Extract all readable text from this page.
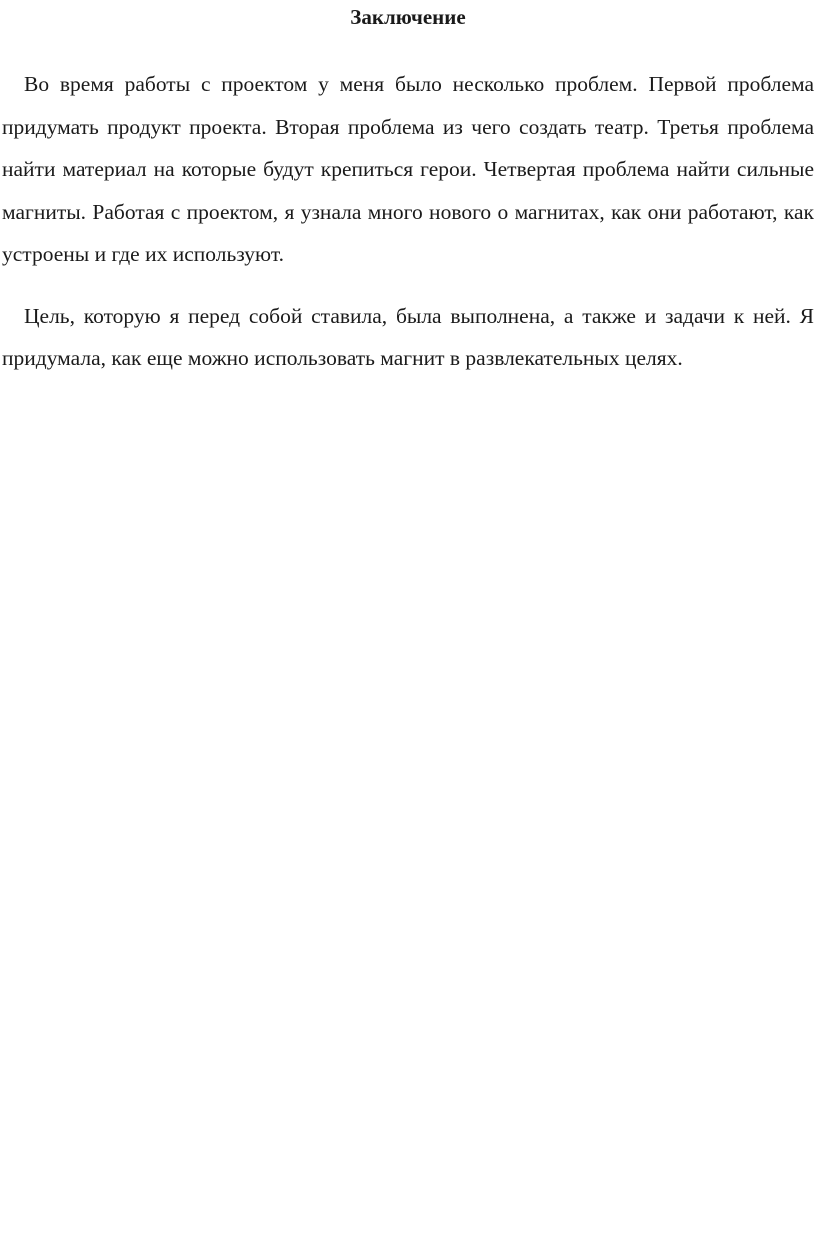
Заключение

Во время работы с проектом у меня было несколько проблем. Первой проблема придумать продукт проекта. Вторая проблема из чего создать театр. Третья проблема найти материал на которые будут крепиться герои. Четвертая проблема найти сильные магниты. Работая с проектом, я узнала много нового о магнитах, как они работают, как устроены и где их используют.

Цель, которую я перед собой ставила, была выполнена, а также и задачи к ней. Я придумала, как еще можно использовать магнит в развлекательных целях.
